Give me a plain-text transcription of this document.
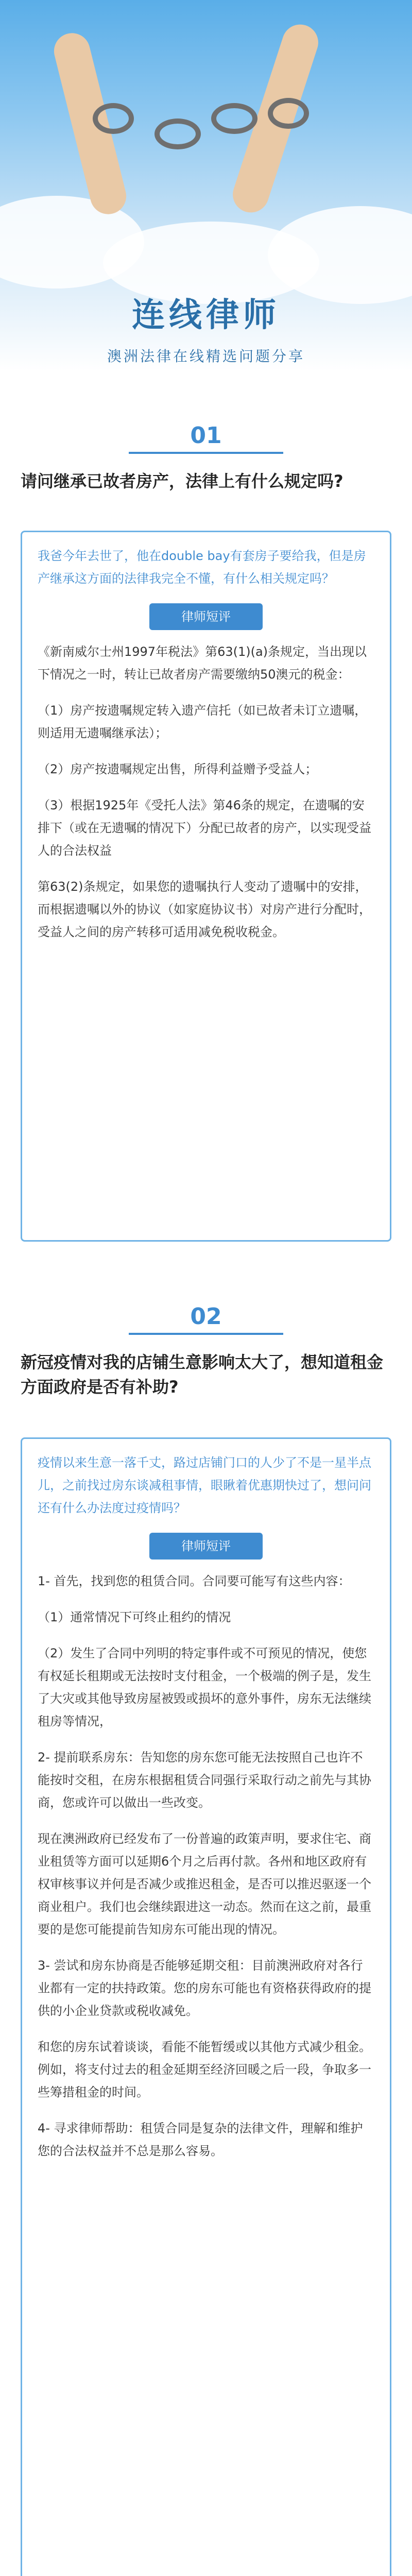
连线律师
澳洲法律在线精选问题分享
01
请问继承已故者房产，法律上有什么规定吗?
我爸今年去世了，他在double bay有套房子要给我，但是房产继承这方面的法律我完全不懂，有什么相关规定吗？
律师短评

《新南威尔士州1997年税法》第63(1)(a)条规定，当出现以下情况之一时，转让已故者房产需要缴纳50澳元的税金：

（1）房产按遗嘱规定转入遗产信托（如已故者未订立遗嘱，则适用无遗嘱继承法）；

（2）房产按遗嘱规定出售，所得利益赠予受益人；

（3）根据1925年《受托人法》第46条的规定，在遗嘱的安排下（或在无遗嘱的情况下）分配已故者的房产，以实现受益人的合法权益

第63(2)条规定，如果您的遗嘱执行人变动了遗嘱中的安排，而根据遗嘱以外的协议（如家庭协议书）对房产进行分配时，受益人之间的房产转移可适用减免税收税金。

02
新冠疫情对我的店铺生意影响太大了，想知道租金方面政府是否有补助?
疫情以来生意一落千丈，路过店铺门口的人少了不是一星半点儿，之前找过房东谈减租事情，眼瞅着优惠期快过了，想问问还有什么办法度过疫情吗？
律师短评

1- 首先，找到您的租赁合同。合同要可能写有这些内容：

（1）通常情况下可终止租约的情况

（2）发生了合同中列明的特定事件或不可预见的情况，使您有权延长租期或无法按时支付租金，一个极端的例子是，发生了大灾或其他导致房屋被毁或损坏的意外事件，房东无法继续租房等情况，

2- 提前联系房东：告知您的房东您可能无法按照自己也许不能按时交租，在房东根据租赁合同强行采取行动之前先与其协商，您或许可以做出一些改变。

现在澳洲政府已经发布了一份普遍的政策声明，要求住宅、商业租赁等方面可以延期6个月之后再付款。各州和地区政府有权审核事议并何是否减少或推迟租金，是否可以推迟驱逐一个商业租户。我们也会继续跟进这一动态。然而在这之前，最重要的是您可能提前告知房东可能出现的情况。

3- 尝试和房东协商是否能够延期交租：目前澳洲政府对各行业都有一定的扶持政策。您的房东可能也有资格获得政府的提供的小企业贷款或税收减免。

和您的房东试着谈谈，看能不能暂缓或以其他方式减少租金。例如，将支付过去的租金延期至经济回暖之后一段，争取多一些筹措租金的时间。

4- 寻求律师帮助：租赁合同是复杂的法律文件，理解和维护您的合法权益并不总是那么容易。
